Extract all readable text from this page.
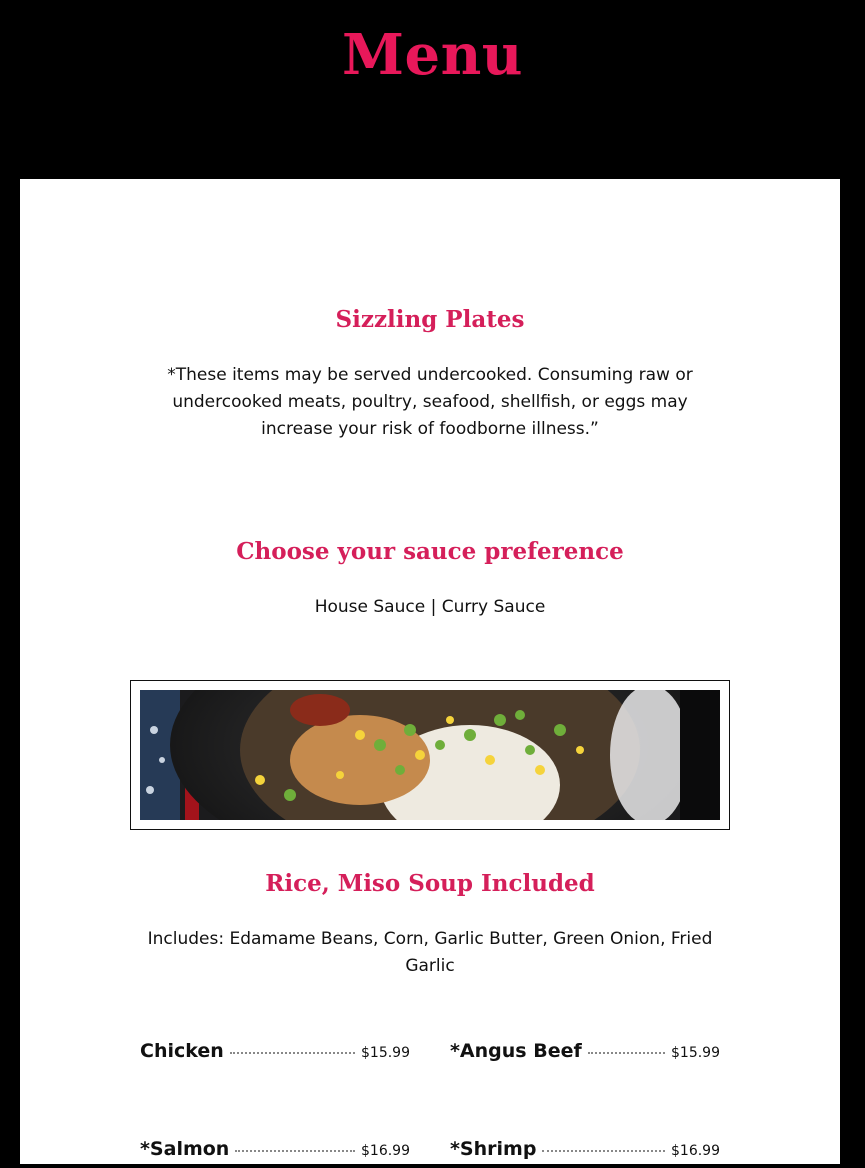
Menu
Sizzling Plates
*These items may be served undercooked. Consuming raw or undercooked meats, poultry, seafood, shellfish, or eggs may increase your risk of foodborne illness.”
Choose your sauce preference
House Sauce | Curry Sauce
Rice, Miso Soup Included
Includes: Edamame Beans, Corn, Garlic Butter, Green Onion, Fried Garlic
Chicken	$15.99 *Angus Beef	$15.99
*Salmon	$16.99 *Shrimp	$16.99
